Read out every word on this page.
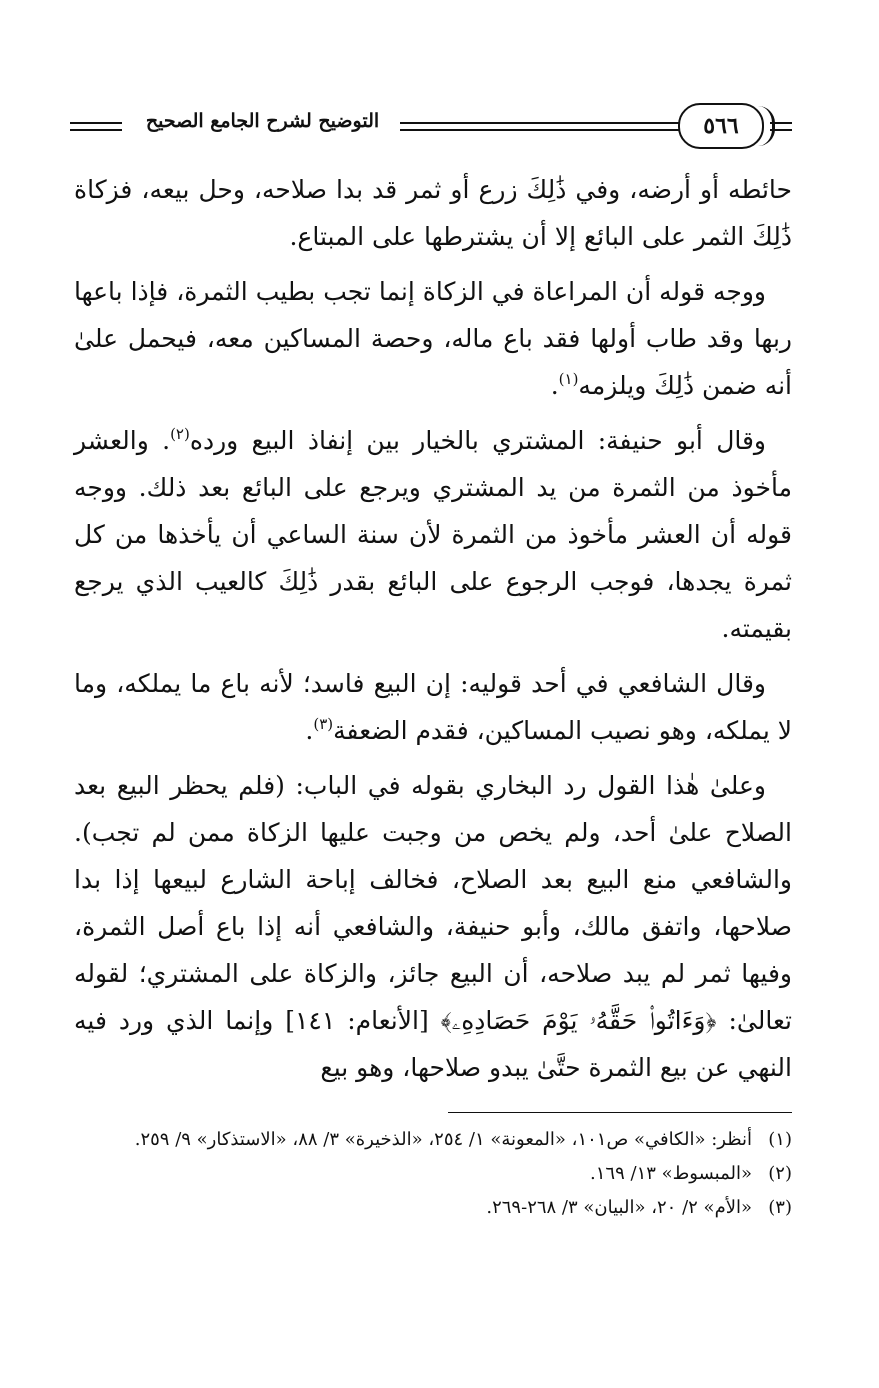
التوضيح لشرح الجامع الصحيح	٥٦٦

حائطه أو أرضه، وفي ذَٰلِكَ زرع أو ثمر قد بدا صلاحه، وحل بيعه، فزكاة ذَٰلِكَ الثمر على البائع إلا أن يشترطها على المبتاع.

ووجه قوله أن المراعاة في الزكاة إنما تجب بطيب الثمرة، فإذا باعها ربها وقد طاب أولها فقد باع ماله، وحصة المساكين معه، فيحمل علىٰ أنه ضمن ذَٰلِكَ ويلزمه$^{(١)}$.

وقال أبو حنيفة: المشتري بالخيار بين إنفاذ البيع ورده$^{(٢)}$. والعشر مأخوذ من الثمرة من يد المشتري ويرجع على البائع بعد ذلك. ووجه قوله أن العشر مأخوذ من الثمرة لأن سنة الساعي أن يأخذها من كل ثمرة يجدها، فوجب الرجوع على البائع بقدر ذَٰلِكَ كالعيب الذي يرجع بقيمته.

وقال الشافعي في أحد قوليه: إن البيع فاسد؛ لأنه باع ما يملكه، وما لا يملكه، وهو نصيب المساكين، فقدم الضعفة$^{(٣)}$.

وعلىٰ هٰذا القول رد البخاري بقوله في الباب: (فلم يحظر البيع بعد الصلاح علىٰ أحد، ولم يخص من وجبت عليها الزكاة ممن لم تجب). والشافعي منع البيع بعد الصلاح، فخالف إباحة الشارع لبيعها إذا بدا صلاحها، واتفق مالك، وأبو حنيفة، والشافعي أنه إذا باع أصل الثمرة، وفيها ثمر لم يبد صلاحه، أن البيع جائز، والزكاة على المشتري؛ لقوله تعالىٰ: ﴿وَءَاتُوا۟ حَقَّهُۥ يَوْمَ حَصَادِهِۦ﴾ [الأنعام: ١٤١] وإنما الذي ورد فيه النهي عن بيع الثمرة حتَّىٰ يبدو صلاحها، وهو بيع

(١)
أنظر: «الكافي» ص١٠١، «المعونة» ١/ ٢٥٤، «الذخيرة» ٣/ ٨٨، «الاستذكار» ٩/ ٢٥٩.
(٢)
«المبسوط» ١٣/ ١٦٩.
(٣)
«الأم» ٢/ ٢٠، «البيان» ٣/ ٢٦٨-٢٦٩.
